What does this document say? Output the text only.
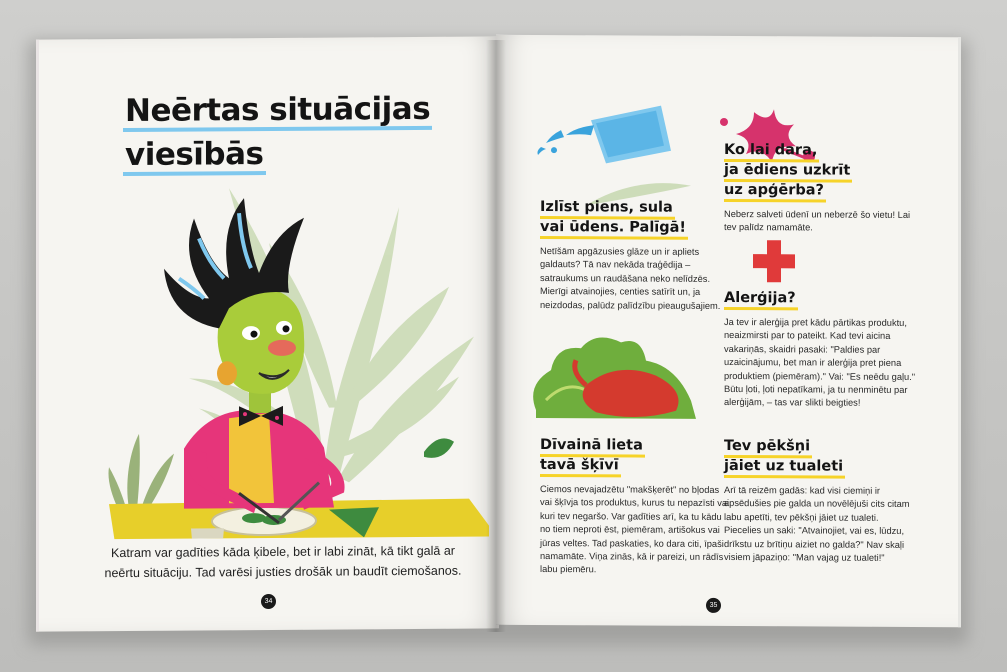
Neērtas situācijas
viesībās

Katram var gadīties kāda ķibele, bet ir labi zināt, kā tikt galā ar
neērtu situāciju. Tad varēsi justies drošāk un baudīt ciemošanos.

34
Izlīst piens, sula
vai ūdens. Palīgā!

Netīšām apgāzusies glāze un ir apliets galdauts? Tā nav nekāda traģēdija – satraukums un raudāšana neko nelīdzēs. Mierīgi atvainojies, centies satīrīt un, ja neizdodas, palūdz palīdzību pieaugušajiem.

Ko lai dara,
ja ēdiens uzkrīt
uz apģērba?

Neberz salveti ūdenī un neberzē šo vietu! Lai tev palīdz namamāte.

Alerģija?

Ja tev ir alerģija pret kādu pārtikas produktu, neaizmirsti par to pateikt. Kad tevi aicina vakariņās, skaidri pasaki: "Paldies par uzaicinājumu, bet man ir alerģija pret piena produktiem (piemēram)." Vai: "Es neēdu gaļu." Būtu ļoti, ļoti nepatīkami, ja tu nenminētu par alerģijām, – tas var slikti beigties!

Dīvainā lieta
tavā šķīvī

Ciemos nevajadzētu "makšķerēt" no bļodas vai šķīvja tos produktus, kurus tu nepazīsti vai kuri tev negaršo. Var gadīties arī, ka tu kādu no tiem neproti ēst, piemēram, artišokus vai jūras veltes. Tad paskaties, ko dara citi, īpaši namamāte. Viņa zinās, kā ir pareizi, un rādīs labu piemēru.

Tev pēkšņi
jāiet uz tualeti

Arī tā reizēm gadās: kad visi ciemiņi ir apsēdušies pie galda un novēlējuši cits citam labu apetīti, tev pēkšņi jāiet uz tualeti. Piecelies un saki: "Atvainojiet, vai es, lūdzu, drīkstu uz brītiņu aiziet no galda?" Nav skaļi visiem jāpaziņo: "Man vajag uz tualeti!"

35
